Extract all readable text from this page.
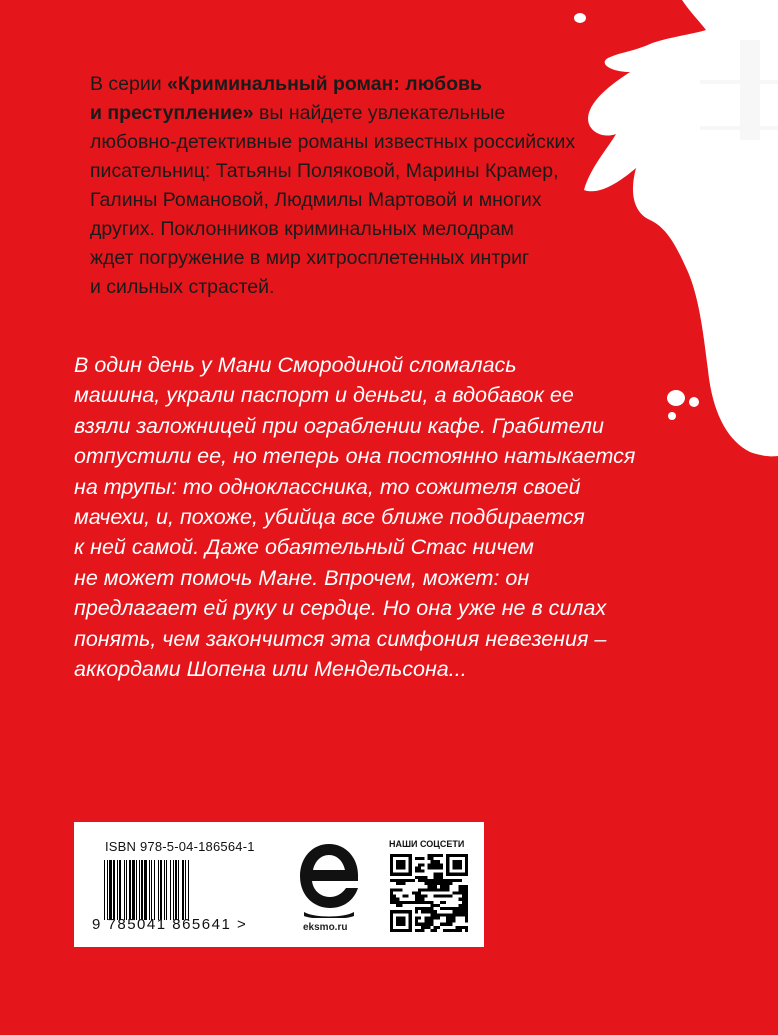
В серии «Криминальный роман: любовь
и преступление» вы найдете увлекательные
любовно-детективные романы известных российских
писательниц: Татьяны Поляковой, Марины Крамер,
Галины Романовой, Людмилы Мартовой и многих
других. Поклонников криминальных мелодрам
ждет погружение в мир хитросплетенных интриг
и сильных страстей.
В один день у Мани Смородиной сломалась
машина, украли паспорт и деньги, а вдобавок ее
взяли заложницей при ограблении кафе. Грабители
отпустили ее, но теперь она постоянно натыкается
на трупы: то одноклассника, то сожителя своей
мачехи, и, похоже, убийца все ближе подбирается
к ней самой. Даже обаятельный Стас ничем
не может помочь Мане. Впрочем, может: он
предлагает ей руку и сердце. Но она уже не в силах
понять, чем закончится эта симфония невезения –
аккордами Шопена или Мендельсона...
ISBN 978-5-04-186564-1
9 785041 865641 >	eksmo.ru
НАШИ СОЦСЕТИ
